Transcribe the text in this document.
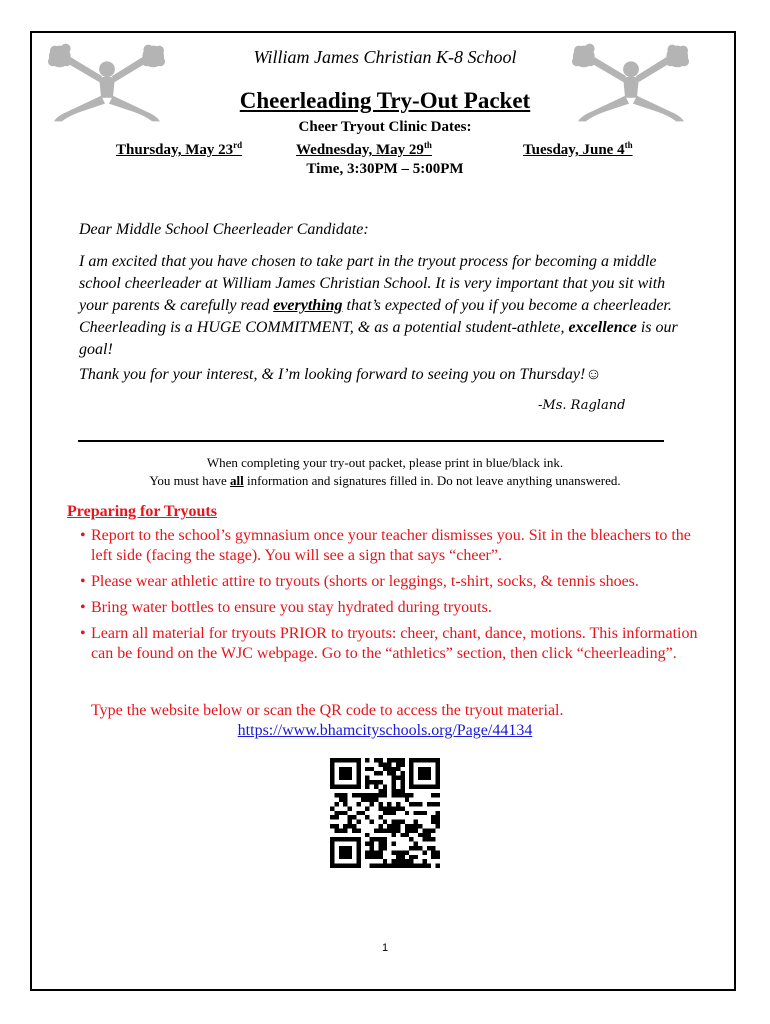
William James Christian K-8 School
Cheerleading Try-Out Packet
Cheer Tryout Clinic Dates:
Thursday, May 23rd	Wednesday, May 29th	Tuesday, June 4th
Time, 3:30PM – 5:00PM
Dear Middle School Cheerleader Candidate:
I am excited that you have chosen to take part in the tryout process for becoming a middle school cheerleader at William James Christian School. It is very important that you sit with your parents & carefully read everything that’s expected of you if you become a cheerleader. Cheerleading is a HUGE COMMITMENT, & as a potential student-athlete, excellence is our goal!
Thank you for your interest, & I’m looking forward to seeing you on Thursday!☺
-Ms. Ragland
When completing your try-out packet, please print in blue/black ink.
You must have all information and signatures filled in. Do not leave anything unanswered.
Preparing for Tryouts
• Report to the school’s gymnasium once your teacher dismisses you. Sit in the bleachers to the left side (facing the stage). You will see a sign that says “cheer”.
• Please wear athletic attire to tryouts (shorts or leggings, t-shirt, socks, & tennis shoes.
• Bring water bottles to ensure you stay hydrated during tryouts.
• Learn all material for tryouts PRIOR to tryouts: cheer, chant, dance, motions. This information can be found on the WJC webpage. Go to the “athletics” section, then click “cheerleading”.
Type the website below or scan the QR code to access the tryout material.
https://www.bhamcityschools.org/Page/44134
1
